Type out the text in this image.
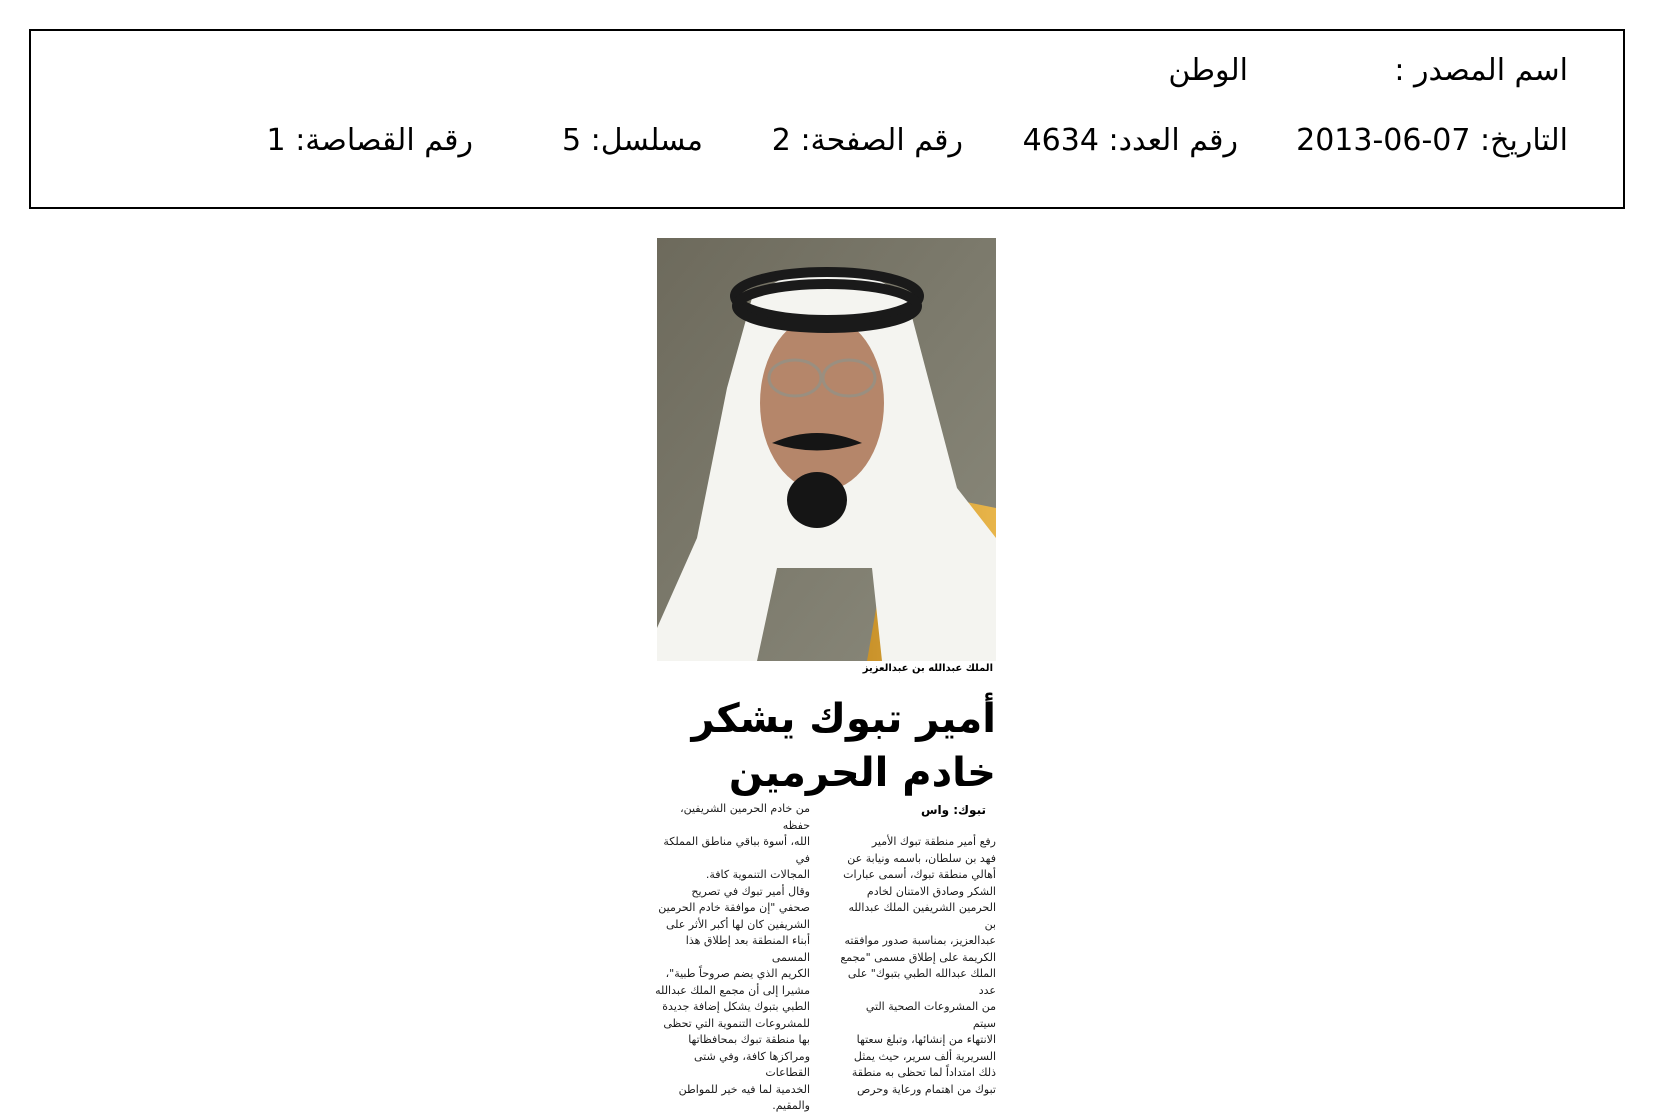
اسم المصدر :
الوطن
التاريخ: 2013-06-07
رقم العدد: 4634
رقم الصفحة: 2
مسلسل: 5
رقم القصاصة: 1
الملك عبدالله بن عبدالعزيز
أمير تبوك يشكر
خادم الحرمين
تبوك: واس
رفع أمير منطقة تبوك الأمير
فهد بن سلطان، باسمه ونيابة عن
أهالي منطقة تبوك، أسمى عبارات
الشكر وصادق الامتنان لخادم
الحرمين الشريفين الملك عبدالله بن
عبدالعزيز، بمناسبة صدور موافقته
الكريمة على إطلاق مسمى "مجمع
الملك عبدالله الطبي بتبوك" على عدد
من المشروعات الصحية التي سيتم
الانتهاء من إنشائها، وتبلغ سعتها
السريرية ألف سرير، حيث يمثل
ذلك امتداداً لما تحظى به منطقة
تبوك من اهتمام ورعاية وحرص
من خادم الحرمين الشريفين، حفظه
الله، أسوة بباقي مناطق المملكة في
المجالات التنموية كافة.
وقال أمير تبوك في تصريح
صحفي "إن موافقة خادم الحرمين
الشريفين كان لها أكبر الأثر على
أبناء المنطقة بعد إطلاق هذا المسمى
الكريم الذي يضم صروحاً طبية"،
مشيرا إلى أن مجمع الملك عبدالله
الطبي بتبوك يشكل إضافة جديدة
للمشروعات التنموية التي تحظى
بها منطقة تبوك بمحافظاتها
ومراكزها كافة، وفي شتى القطاعات
الخدمية لما فيه خير للمواطن
والمقيم.
